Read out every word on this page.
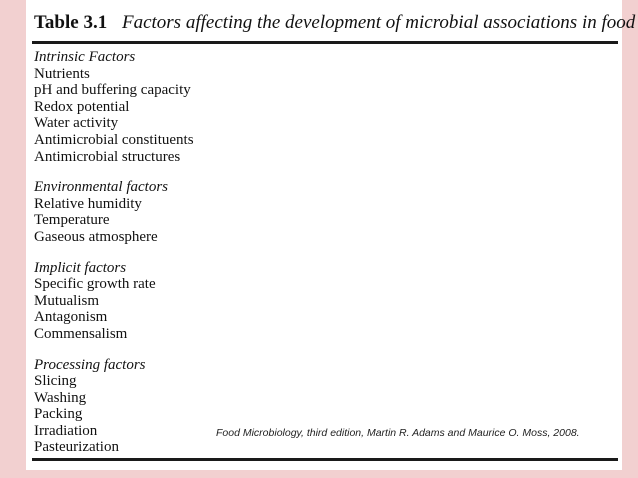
Table 3.1 Factors affecting the development of microbial associations in food
Intrinsic Factors
Nutrients
pH and buffering capacity
Redox potential
Water activity
Antimicrobial constituents
Antimicrobial structures
Environmental factors
Relative humidity
Temperature
Gaseous atmosphere
Implicit factors
Specific growth rate
Mutualism
Antagonism
Commensalism
Processing factors
Slicing
Washing
Packing
Irradiation
Pasteurization
Food Microbiology, third edition, Martin R. Adams and Maurice O. Moss, 2008.
